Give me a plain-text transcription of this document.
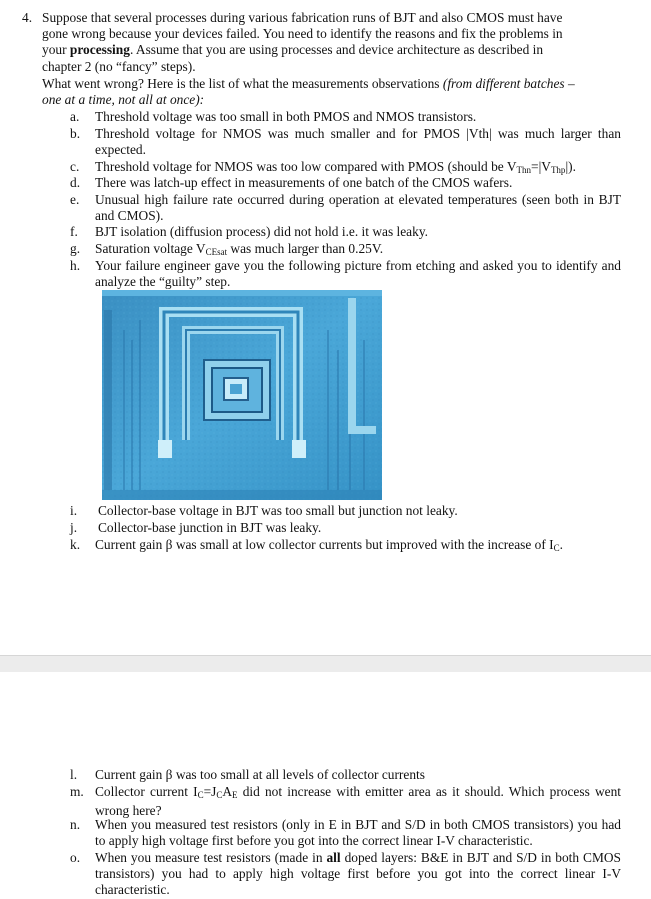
4. Suppose that several processes during various fabrication runs of BJT and also CMOS must have
gone wrong because your devices failed. You need to identify the reasons and fix the problems in
your processing. Assume that you are using processes and device architecture as described in
chapter 2 (no “fancy” steps).
What went wrong? Here is the list of what the measurements observations (from different batches –
one at a time, not all at once):
a.	Threshold voltage was too small in both PMOS and NMOS transistors.
b.	Threshold voltage for NMOS was much smaller and for PMOS |Vth| was much larger than expected.
c.	Threshold voltage for NMOS was too low compared with PMOS (should be $V_{Thn}=|V_{Thp}|$).
d.	There was latch-up effect in measurements of one batch of the CMOS wafers.
e.	Unusual high failure rate occurred during operation at elevated temperatures (seen both in BJT and CMOS).
f.	BJT isolation (diffusion process) did not hold i.e. it was leaky.
g.	Saturation voltage $V_{CEsat}$ was much larger than 0.25V.
h.	Your failure engineer gave you the following picture from etching and asked you to identify and analyze the “guilty” step.
i.	Collector-base voltage in BJT was too small but junction not leaky.
j.	Collector-base junction in BJT was leaky.
k.	Current gain β was small at low collector currents but improved with the increase of $I_C$.
l.	Current gain β was too small at all levels of collector currents
m. Collector current $I_C=J_CA_E$ did not increase with emitter area as it should. Which process went wrong here?
n.	When you measured test resistors (only in E in BJT and S/D in both CMOS transistors) you had to apply high voltage first before you got into the correct linear I-V characteristic.
o.	When you measure test resistors (made in all doped layers: B&E in BJT and S/D in both CMOS transistors) you had to apply high voltage first before you got into the correct linear I-V characteristic.
